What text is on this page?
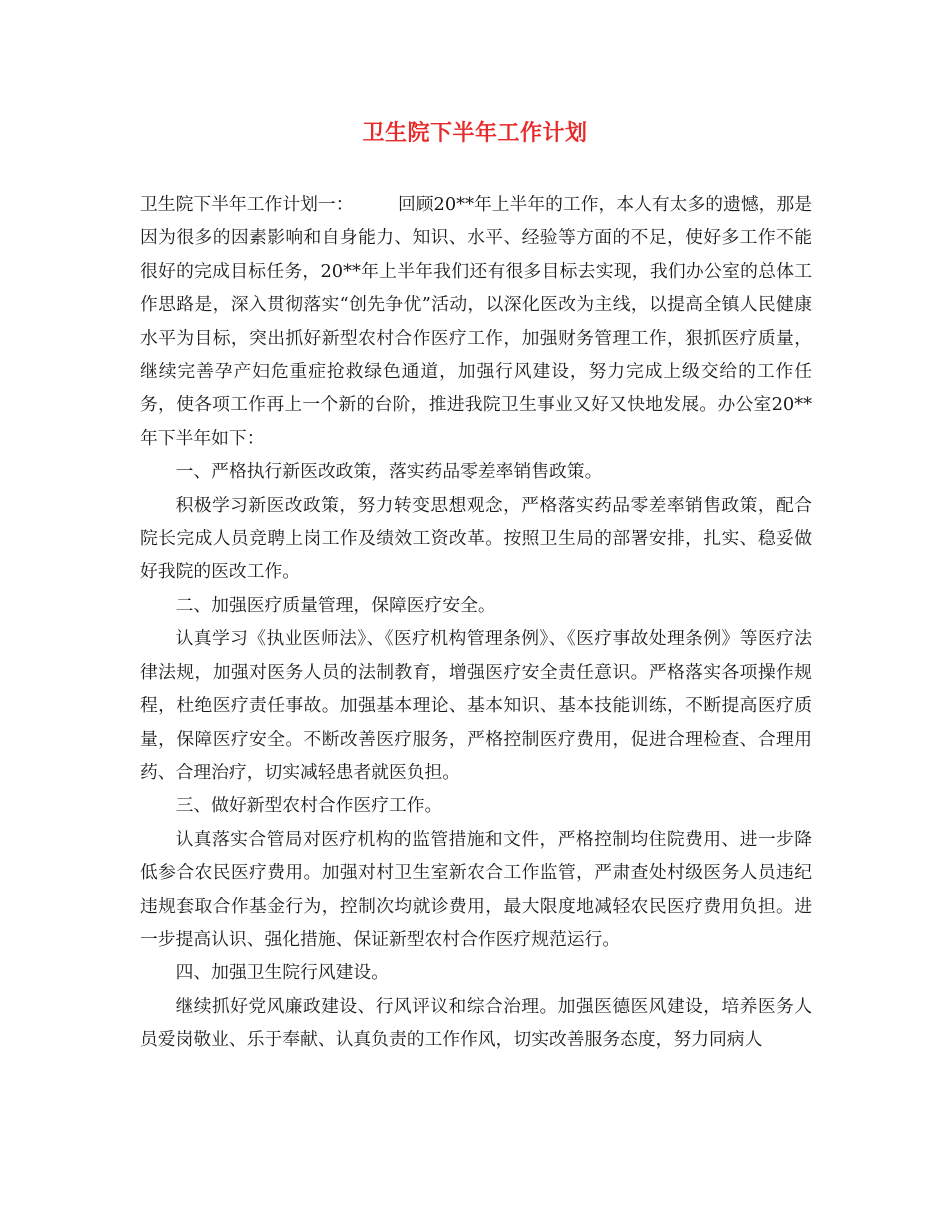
卫生院下半年工作计划

卫生院下半年工作计划一：　　　回顾20**年上半年的工作，本人有太多的遗憾，那是因为很多的因素影响和自身能力、知识、水平、经验等方面的不足，使好多工作不能很好的完成目标任务，20**年上半年我们还有很多目标去实现，我们办公室的总体工作思路是，深入贯彻落实“创先争优”活动，以深化医改为主线，以提高全镇人民健康水平为目标，突出抓好新型农村合作医疗工作，加强财务管理工作，狠抓医疗质量，继续完善孕产妇危重症抢救绿色通道，加强行风建设，努力完成上级交给的工作任务，使各项工作再上一个新的台阶，推进我院卫生事业又好又快地发展。办公室20**年下半年如下：

一、严格执行新医改政策，落实药品零差率销售政策。

积极学习新医改政策，努力转变思想观念，严格落实药品零差率销售政策，配合院长完成人员竞聘上岗工作及绩效工资改革。按照卫生局的部署安排，扎实、稳妥做好我院的医改工作。

二、加强医疗质量管理，保障医疗安全。

认真学习《执业医师法》、《医疗机构管理条例》、《医疗事故处理条例》等医疗法律法规，加强对医务人员的法制教育，增强医疗安全责任意识。严格落实各项操作规程，杜绝医疗责任事故。加强基本理论、基本知识、基本技能训练，不断提高医疗质量，保障医疗安全。不断改善医疗服务，严格控制医疗费用，促进合理检查、合理用药、合理治疗，切实减轻患者就医负担。

三、做好新型农村合作医疗工作。

认真落实合管局对医疗机构的监管措施和文件，严格控制均住院费用、进一步降低参合农民医疗费用。加强对村卫生室新农合工作监管，严肃查处村级医务人员违纪违规套取合作基金行为，控制次均就诊费用，最大限度地减轻农民医疗费用负担。进一步提高认识、强化措施、保证新型农村合作医疗规范运行。

四、加强卫生院行风建设。

继续抓好党风廉政建设、行风评议和综合治理。加强医德医风建设，培养医务人员爱岗敬业、乐于奉献、认真负责的工作作风，切实改善服务态度，努力同病人
